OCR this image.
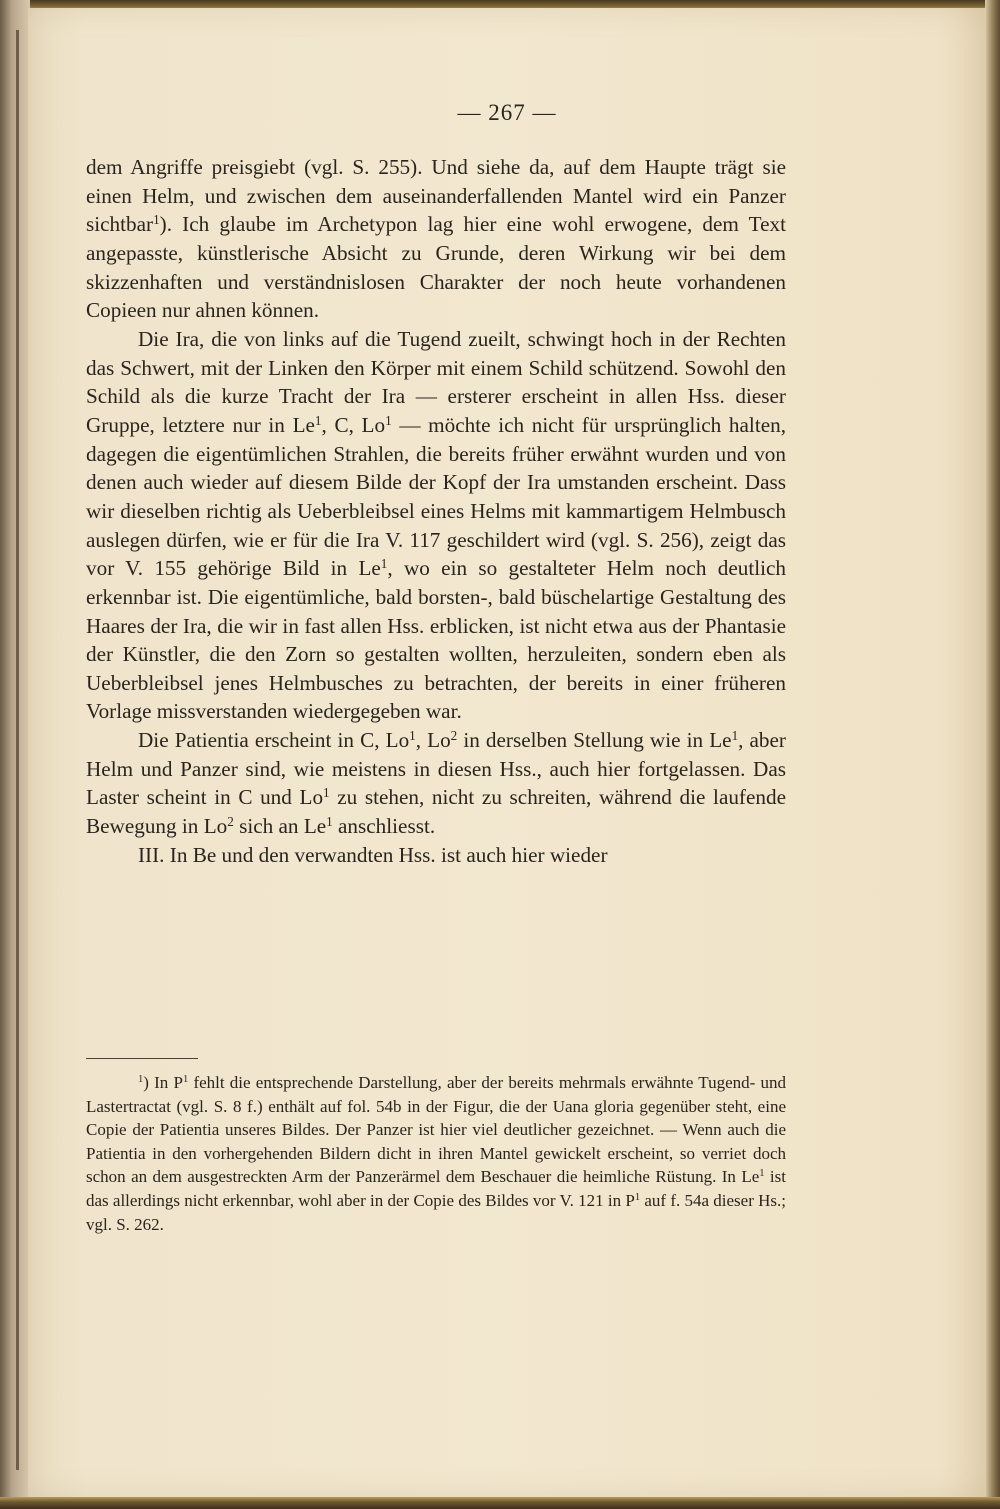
— 267 —

dem Angriffe preisgiebt (vgl. S. 255). Und siehe da, auf dem Haupte trägt sie einen Helm, und zwischen dem auseinanderfallenden Mantel wird ein Panzer sichtbar$^1$). Ich glaube im Archetypon lag hier eine wohl erwogene, dem Text angepasste, künstlerische Absicht zu Grunde, deren Wirkung wir bei dem skizzenhaften und verständnislosen Charakter der noch heute vorhandenen Copieen nur ahnen können.

Die Ira, die von links auf die Tugend zueilt, schwingt hoch in der Rechten das Schwert, mit der Linken den Körper mit einem Schild schützend. Sowohl den Schild als die kurze Tracht der Ira — ersterer erscheint in allen Hss. dieser Gruppe, letztere nur in Le$^1$, C, Lo$^1$ — möchte ich nicht für ursprünglich halten, dagegen die eigentümlichen Strahlen, die bereits früher erwähnt wurden und von denen auch wieder auf diesem Bilde der Kopf der Ira umstanden erscheint. Dass wir dieselben richtig als Ueberbleibsel eines Helms mit kammartigem Helmbusch auslegen dürfen, wie er für die Ira V. 117 geschildert wird (vgl. S. 256), zeigt das vor V. 155 gehörige Bild in Le$^1$, wo ein so gestalteter Helm noch deutlich erkennbar ist. Die eigentümliche, bald borsten-, bald büschelartige Gestaltung des Haares der Ira, die wir in fast allen Hss. erblicken, ist nicht etwa aus der Phantasie der Künstler, die den Zorn so gestalten wollten, herzuleiten, sondern eben als Ueberbleibsel jenes Helmbusches zu betrachten, der bereits in einer früheren Vorlage missverstanden wiedergegeben war.

Die Patientia erscheint in C, Lo$^1$, Lo$^2$ in derselben Stellung wie in Le$^1$, aber Helm und Panzer sind, wie meistens in diesen Hss., auch hier fortgelassen. Das Laster scheint in C und Lo$^1$ zu stehen, nicht zu schreiten, während die laufende Bewegung in Lo$^2$ sich an Le$^1$ anschliesst.

III. In Be und den verwandten Hss. ist auch hier wieder

$^1$) In $P^1$ fehlt die entsprechende Darstellung, aber der bereits mehrmals erwähnte Tugend- und Lastertractat (vgl. S. 8 f.) enthält auf fol. 54b in der Figur, die der Uana gloria gegenüber steht, eine Copie der Patientia unseres Bildes. Der Panzer ist hier viel deutlicher gezeichnet. — Wenn auch die Patientia in den vorhergehenden Bildern dicht in ihren Mantel gewickelt erscheint, so verriet doch schon an dem ausgestreckten Arm der Panzerärmel dem Beschauer die heimliche Rüstung. In Le$^1$ ist das allerdings nicht erkennbar, wohl aber in der Copie des Bildes vor V. 121 in $P^1$ auf f. 54a dieser Hs.; vgl. S. 262.
